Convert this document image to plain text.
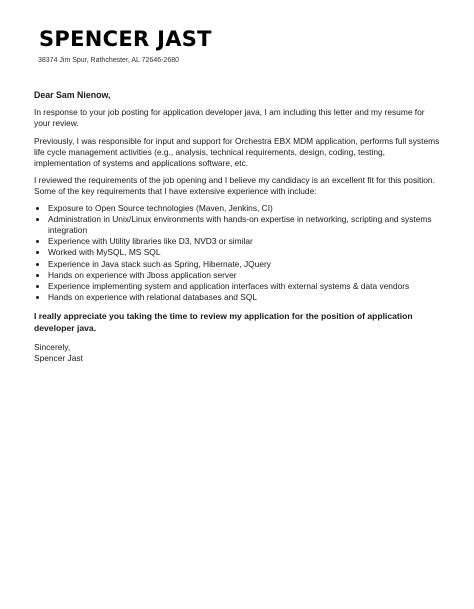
SPENCER JAST
38374 Jim Spur, Rathchester, AL 72646-2680
Dear Sam Nienow,

In response to your job posting for application developer java, I am including this letter and my resume for your review.

Previously, I was responsible for input and support for Orchestra EBX MDM application, performs full systems life cycle management activities (e.g., analysis, technical requirements, design, coding, testing, implementation of systems and applications software, etc.

I reviewed the requirements of the job opening and I believe my candidacy is an excellent fit for this position. Some of the key requirements that I have extensive experience with include:

• Exposure to Open Source technologies (Maven, Jenkins, CI)
• Administration in Unix/Linux environments with hands-on expertise in networking, scripting and systems integration
• Experience with Utility libraries like D3, NVD3 or similar
• Worked with MySQL, MS SQL
• Experience in Java stack such as Spring, Hibernate, JQuery
• Hands on experience with Jboss application server
• Experience implementing system and application interfaces with external systems & data vendors
• Hands on experience with relational databases and SQL
I really appreciate you taking the time to review my application for the position of application developer java.
Sincerely,
Spencer Jast
